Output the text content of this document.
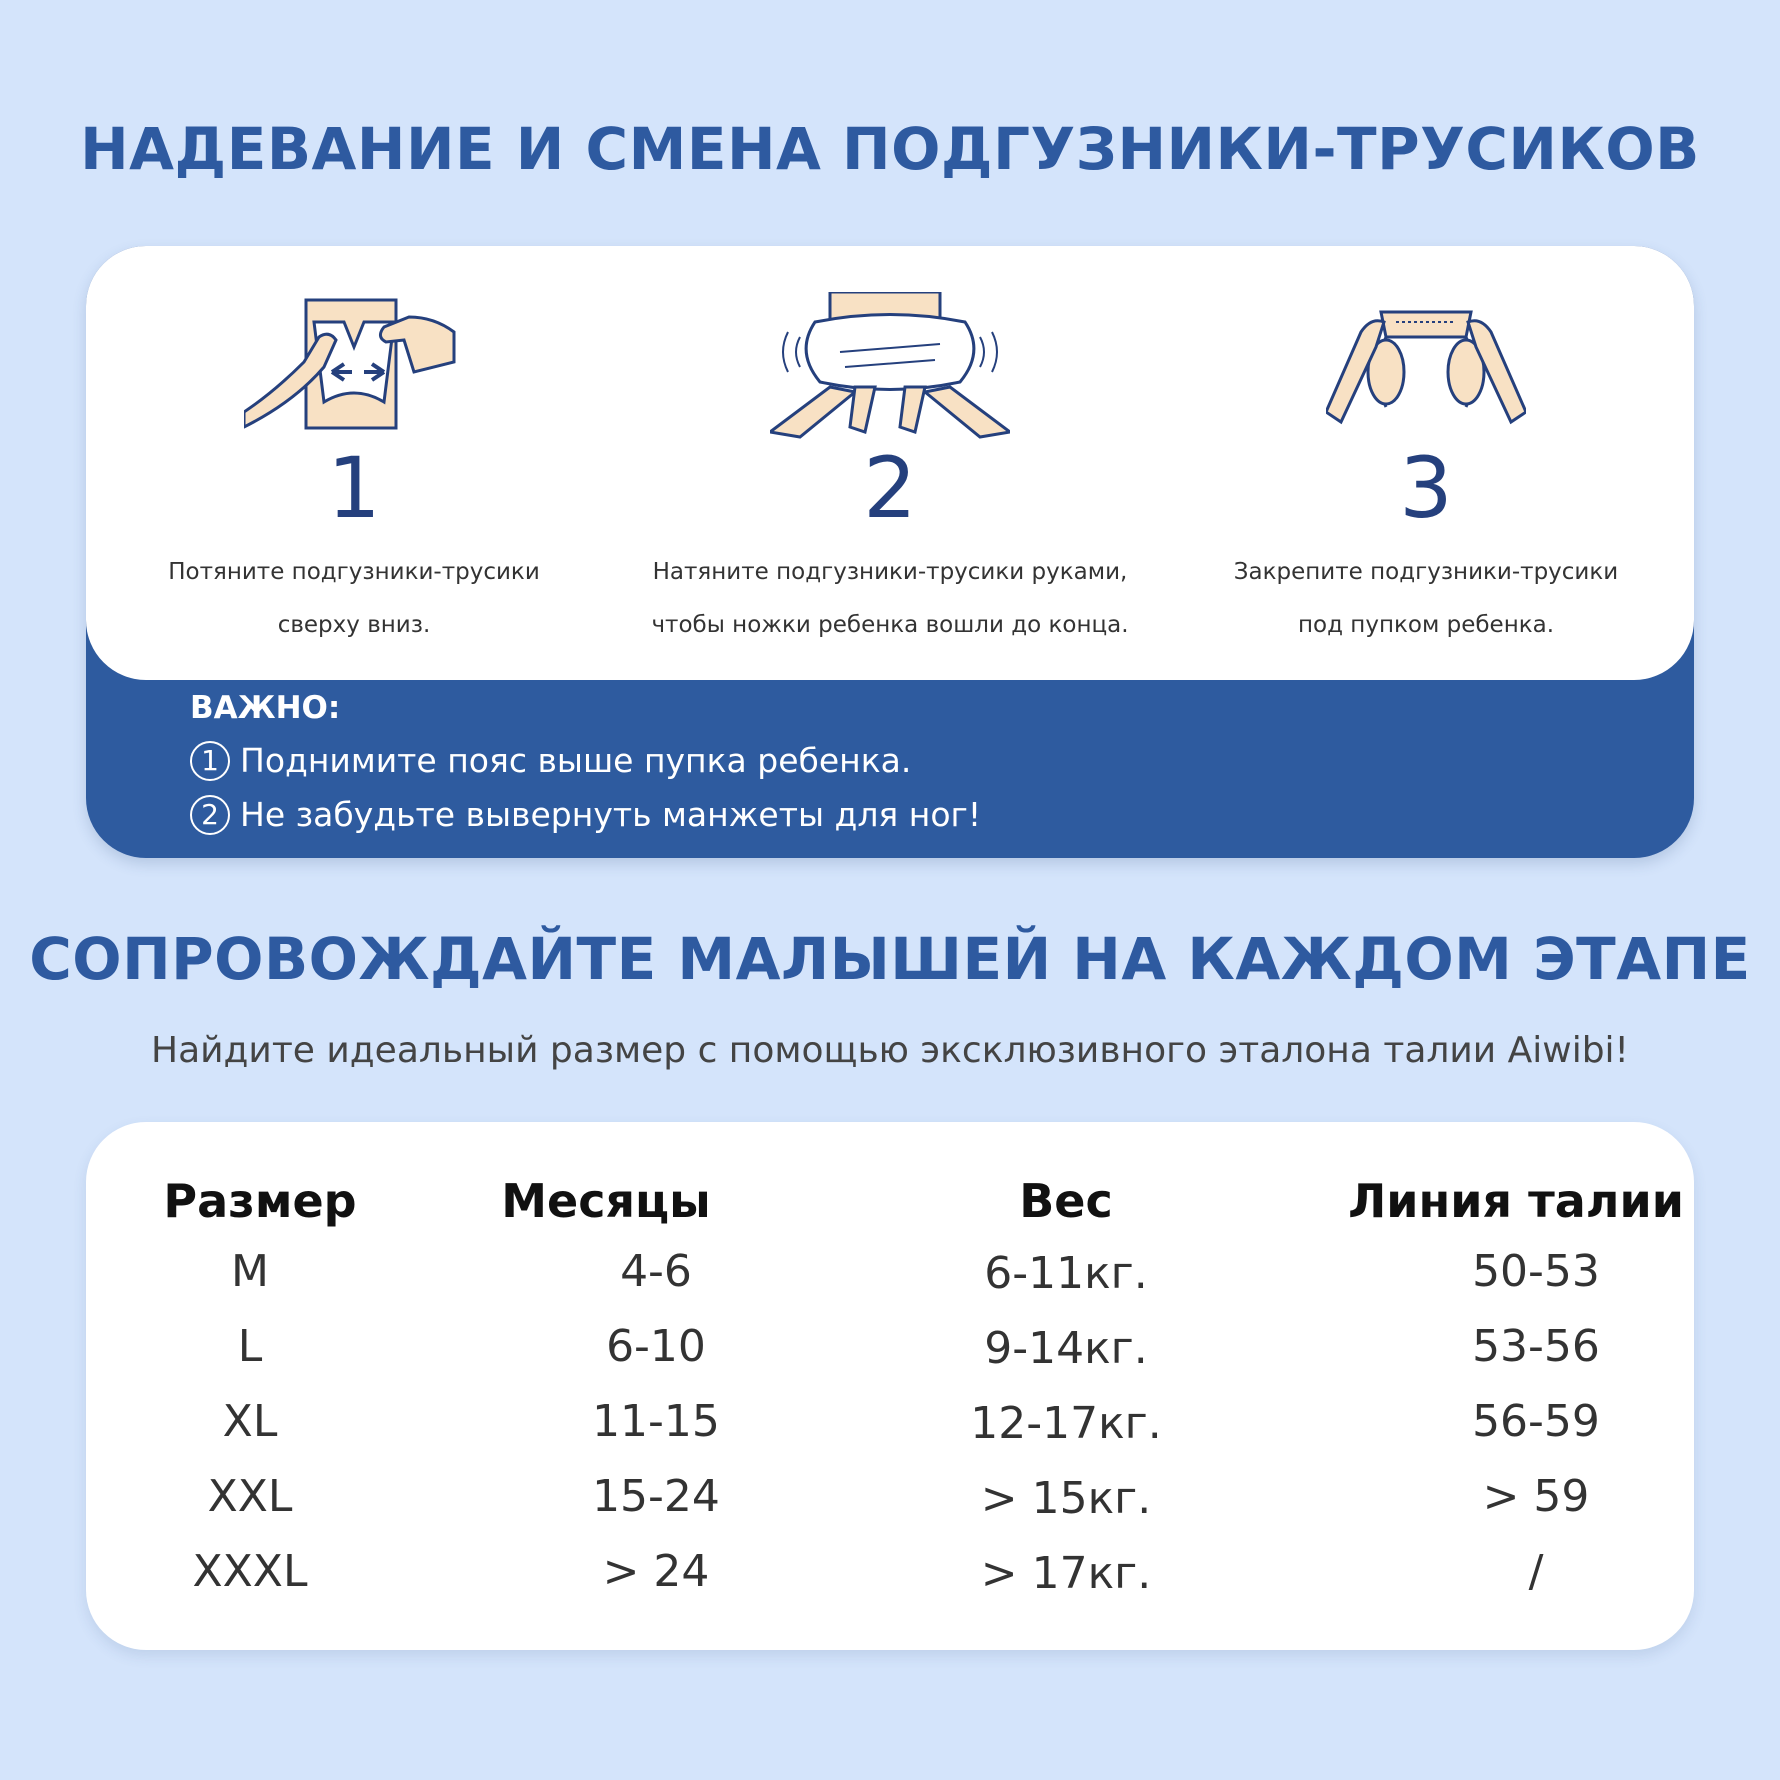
НАДЕВАНИЕ И СМЕНА ПОДГУЗНИКИ-ТРУСИКОВ
1
Потяните подгузники-трусики
сверху вниз.
2
Натяните подгузники-трусики руками,
чтобы ножки ребенка вошли до конца.
3
Закрепите подгузники-трусики
под пупком ребенка.
ВАЖНО:
1 Поднимите пояс выше пупка ребенка.
2 Не забудьте вывернуть манжеты для ног!
СОПРОВОЖДАЙТЕ МАЛЫШЕЙ НА КАЖДОМ ЭТАПЕ
Найдите идеальный размер с помощью эксклюзивного эталона талии Aiwibi!
Размер	Месяцы	Вес	Линия талии
M	4-6	6-11кг.	50-53
L	6-10	9-14кг.	53-56
XL	11-15	12-17кг.	56-59
XXL	15-24	> 15кг.	> 59
XXXL	> 24	> 17кг.	/
